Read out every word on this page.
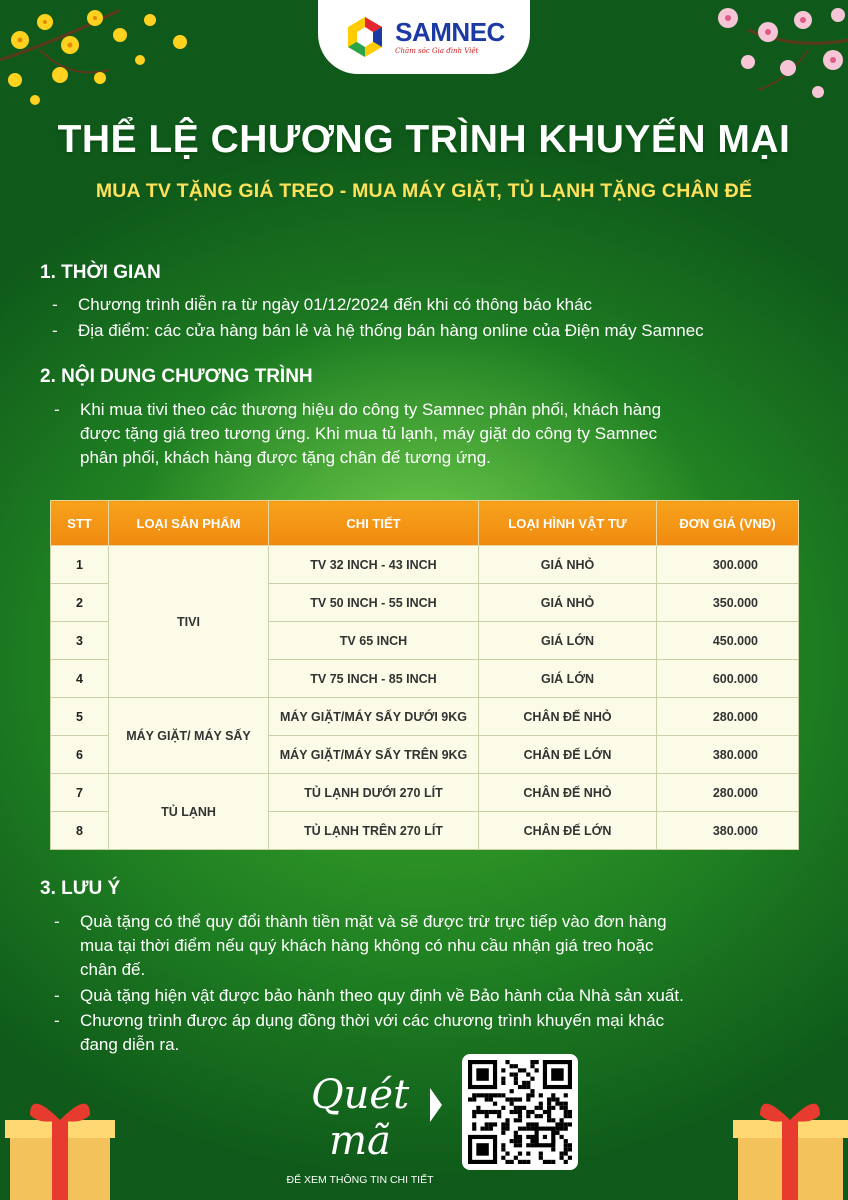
SAMNEC
Chăm sóc Gia đình Việt
THỂ LỆ CHƯƠNG TRÌNH KHUYẾN MẠI
MUA TV TẶNG GIÁ TREO - MUA MÁY GIẶT, TỦ LẠNH TẶNG CHÂN ĐẾ
1. THỜI GIAN
- Chương trình diễn ra từ ngày 01/12/2024 đến khi có thông báo khác
- Địa điểm: các cửa hàng bán lẻ và hệ thống bán hàng online của Điện máy Samnec
2. NỘI DUNG CHƯƠNG TRÌNH
- Khi mua tivi theo các thương hiệu do công ty Samnec phân phối, khách hàng
được tặng giá treo tương ứng. Khi mua tủ lạnh, máy giặt do công ty Samnec
phân phối, khách hàng được tặng chân đế tương ứng.
STT	LOẠI SẢN PHẨM	CHI TIẾT	LOẠI HÌNH VẬT TƯ	ĐƠN GIÁ (VNĐ)
1	TIVI	TV 32 INCH - 43 INCH	GIÁ NHỎ	300.000
2		TV 50 INCH - 55 INCH	GIÁ NHỎ	350.000
3		TV 65 INCH	GIÁ LỚN	450.000
4		TV 75 INCH - 85 INCH	GIÁ LỚN	600.000
5	MÁY GIẶT/ MÁY SẤY	MÁY GIẶT/MÁY SẤY DƯỚI 9KG	CHÂN ĐẾ NHỎ	280.000
6		MÁY GIẶT/MÁY SẤY TRÊN 9KG	CHÂN ĐẾ LỚN	380.000
7	TỦ LẠNH	TỦ LẠNH DƯỚI 270 LÍT	CHÂN ĐẾ NHỎ	280.000
8		TỦ LẠNH TRÊN 270 LÍT	CHÂN ĐẾ LỚN	380.000
3. LƯU Ý
- Quà tặng có thể quy đổi thành tiền mặt và sẽ được trừ trực tiếp vào đơn hàng
mua tại thời điểm nếu quý khách hàng không có nhu cầu nhận giá treo hoặc
chân đế.
- Quà tặng hiện vật được bảo hành theo quy định về Bảo hành của Nhà sản xuất.
- Chương trình được áp dụng đồng thời với các chương trình khuyến mại khác
đang diễn ra.
Quét mã
ĐỂ XEM THÔNG TIN CHI TIẾT
